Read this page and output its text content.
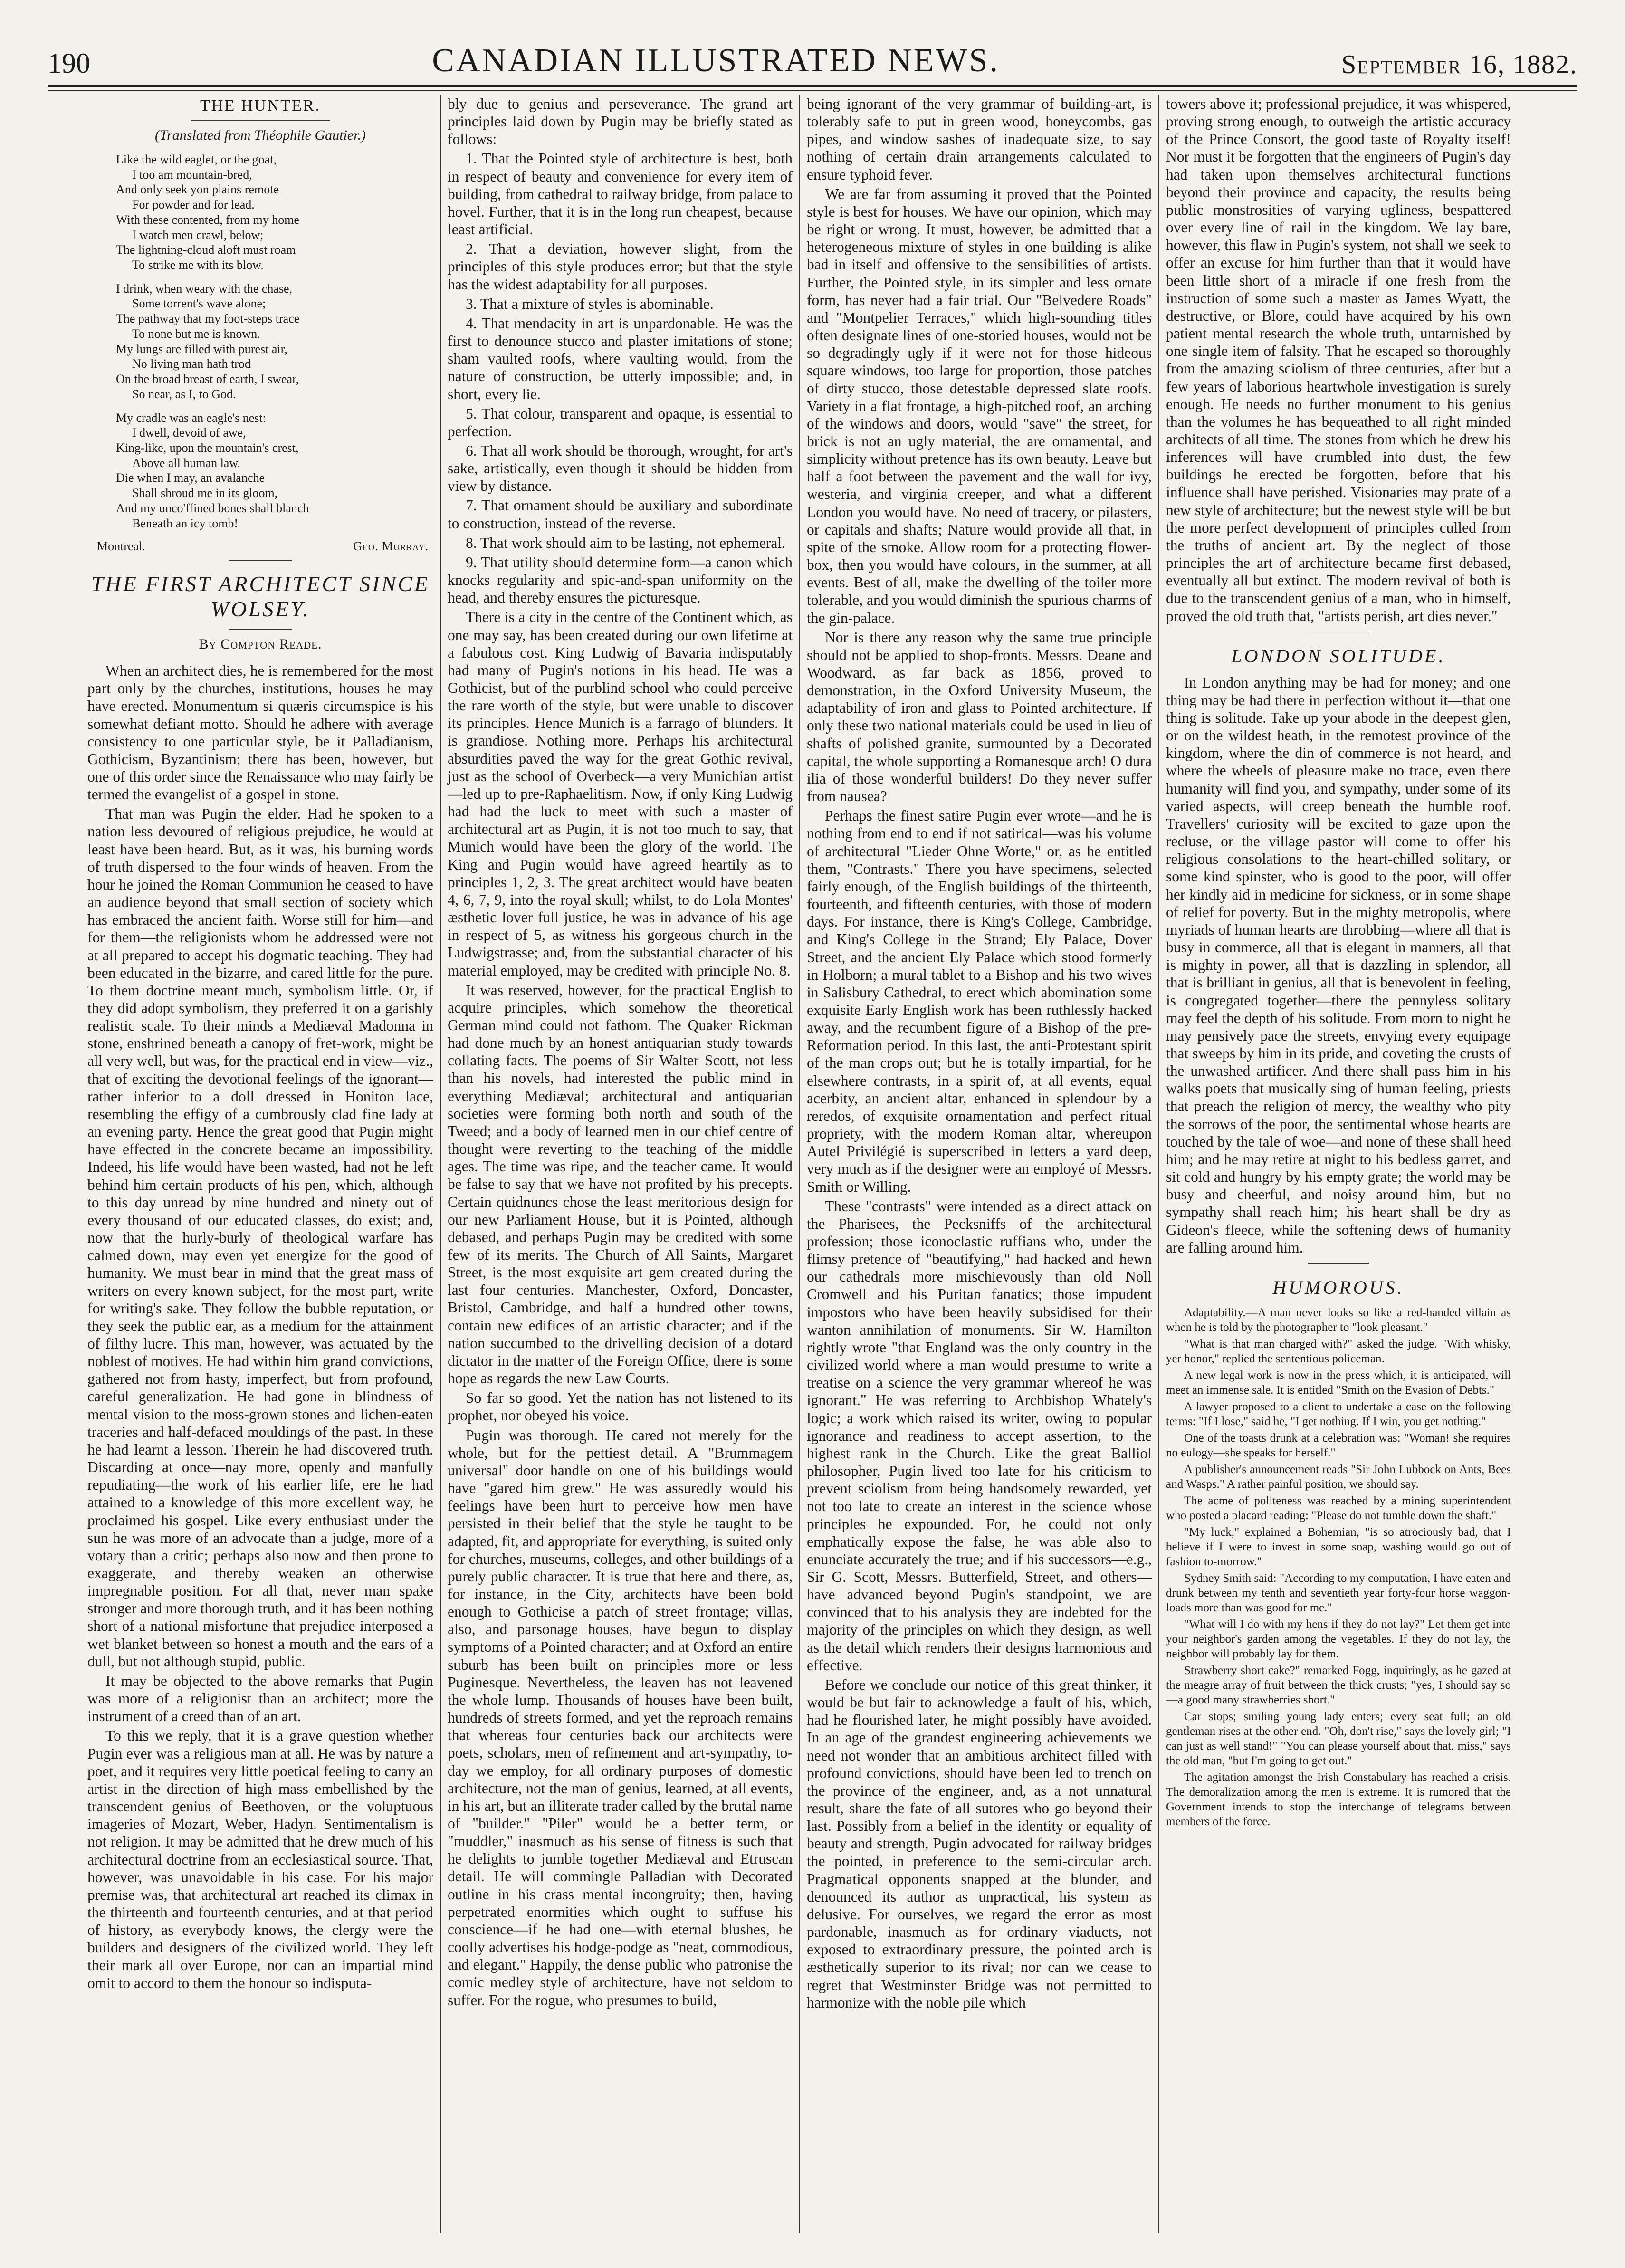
190	CANADIAN ILLUSTRATED NEWS.	September 16, 1882.
THE HUNTER.
(Translated from Théophile Gautier.)
Like the wild eaglet, or the goat,
I too am mountain-bred,
And only seek yon plains remote
For powder and for lead.
With these contented, from my home
I watch men crawl, below;
The lightning-cloud aloft must roam
To strike me with its blow.
I drink, when weary with the chase,
Some torrent's wave alone;
The pathway that my foot-steps trace
To none but me is known.
My lungs are filled with purest air,
No living man hath trod
On the broad breast of earth, I swear,
So near, as I, to God.
My cradle was an eagle's nest:
I dwell, devoid of awe,
King-like, upon the mountain's crest,
Above all human law.
Die when I may, an avalanche
Shall shroud me in its gloom,
And my unco'ffined bones shall blanch
Beneath an icy tomb!
Montreal.	Geo. Murray.
THE FIRST ARCHITECT SINCE WOLSEY.
By Compton Reade.

When an architect dies, he is remembered for the most part only by the churches, institutions, houses he may have erected. Monumentum si quæris circumspice is his somewhat defiant motto. Should he adhere with average consistency to one particular style, be it Palladianism, Gothicism, Byzantinism; there has been, however, but one of this order since the Renaissance who may fairly be termed the evangelist of a gospel in stone.

That man was Pugin the elder. Had he spoken to a nation less devoured of religious prejudice, he would at least have been heard. But, as it was, his burning words of truth dispersed to the four winds of heaven. From the hour he joined the Roman Communion he ceased to have an audience beyond that small section of society which has embraced the ancient faith. Worse still for him—and for them—the religionists whom he addressed were not at all prepared to accept his dogmatic teaching. They had been educated in the bizarre, and cared little for the pure. To them doctrine meant much, symbolism little. Or, if they did adopt symbolism, they preferred it on a garishly realistic scale. To their minds a Mediæval Madonna in stone, enshrined beneath a canopy of fret-work, might be all very well, but was, for the practical end in view—viz., that of exciting the devotional feelings of the ignorant—rather inferior to a doll dressed in Honiton lace, resembling the effigy of a cumbrously clad fine lady at an evening party. Hence the great good that Pugin might have effected in the concrete became an impossibility. Indeed, his life would have been wasted, had not he left behind him certain products of his pen, which, although to this day unread by nine hundred and ninety out of every thousand of our educated classes, do exist; and, now that the hurly-burly of theological warfare has calmed down, may even yet energize for the good of humanity. We must bear in mind that the great mass of writers on every known subject, for the most part, write for writing's sake. They follow the bubble reputation, or they seek the public ear, as a medium for the attainment of filthy lucre. This man, however, was actuated by the noblest of motives. He had within him grand convictions, gathered not from hasty, imperfect, but from profound, careful generalization. He had gone in blindness of mental vision to the moss-grown stones and lichen-eaten traceries and half-defaced mouldings of the past. In these he had learnt a lesson. Therein he had discovered truth. Discarding at once—nay more, openly and manfully repudiating—the work of his earlier life, ere he had attained to a knowledge of this more excellent way, he proclaimed his gospel. Like every enthusiast under the sun he was more of an advocate than a judge, more of a votary than a critic; perhaps also now and then prone to exaggerate, and thereby weaken an otherwise impregnable position. For all that, never man spake stronger and more thorough truth, and it has been nothing short of a national misfortune that prejudice interposed a wet blanket between so honest a mouth and the ears of a dull, but not although stupid, public.

It may be objected to the above remarks that Pugin was more of a religionist than an architect; more the instrument of a creed than of an art.

To this we reply, that it is a grave question whether Pugin ever was a religious man at all. He was by nature a poet, and it requires very little poetical feeling to carry an artist in the direction of high mass embellished by the transcendent genius of Beethoven, or the voluptuous imageries of Mozart, Weber, Hadyn. Sentimentalism is not religion. It may be admitted that he drew much of his architectural doctrine from an ecclesiastical source. That, however, was unavoidable in his case. For his major premise was, that architectural art reached its climax in the thirteenth and fourteenth centuries, and at that period of history, as everybody knows, the clergy were the builders and designers of the civilized world. They left their mark all over Europe, nor can an impartial mind omit to accord to them the honour so indisputa-

bly due to genius and perseverance. The grand art principles laid down by Pugin may be briefly stated as follows:

1. That the Pointed style of architecture is best, both in respect of beauty and convenience for every item of building, from cathedral to railway bridge, from palace to hovel. Further, that it is in the long run cheapest, because least artificial.

2. That a deviation, however slight, from the principles of this style produces error; but that the style has the widest adaptability for all purposes.

3. That a mixture of styles is abominable.

4. That mendacity in art is unpardonable. He was the first to denounce stucco and plaster imitations of stone; sham vaulted roofs, where vaulting would, from the nature of construction, be utterly impossible; and, in short, every lie.

5. That colour, transparent and opaque, is essential to perfection.

6. That all work should be thorough, wrought, for art's sake, artistically, even though it should be hidden from view by distance.

7. That ornament should be auxiliary and subordinate to construction, instead of the reverse.

8. That work should aim to be lasting, not ephemeral.

9. That utility should determine form—a canon which knocks regularity and spic-and-span uniformity on the head, and thereby ensures the picturesque.

There is a city in the centre of the Continent which, as one may say, has been created during our own lifetime at a fabulous cost. King Ludwig of Bavaria indisputably had many of Pugin's notions in his head. He was a Gothicist, but of the purblind school who could perceive the rare worth of the style, but were unable to discover its principles. Hence Munich is a farrago of blunders. It is grandiose. Nothing more. Perhaps his architectural absurdities paved the way for the great Gothic revival, just as the school of Overbeck—a very Munichian artist—led up to pre-Raphaelitism. Now, if only King Ludwig had had the luck to meet with such a master of architectural art as Pugin, it is not too much to say, that Munich would have been the glory of the world. The King and Pugin would have agreed heartily as to principles 1, 2, 3. The great architect would have beaten 4, 6, 7, 9, into the royal skull; whilst, to do Lola Montes' æsthetic lover full justice, he was in advance of his age in respect of 5, as witness his gorgeous church in the Ludwigstrasse; and, from the substantial character of his material employed, may be credited with principle No. 8.

It was reserved, however, for the practical English to acquire principles, which somehow the theoretical German mind could not fathom. The Quaker Rickman had done much by an honest antiquarian study towards collating facts. The poems of Sir Walter Scott, not less than his novels, had interested the public mind in everything Mediæval; architectural and antiquarian societies were forming both north and south of the Tweed; and a body of learned men in our chief centre of thought were reverting to the teaching of the middle ages. The time was ripe, and the teacher came. It would be false to say that we have not profited by his precepts. Certain quidnuncs chose the least meritorious design for our new Parliament House, but it is Pointed, although debased, and perhaps Pugin may be credited with some few of its merits. The Church of All Saints, Margaret Street, is the most exquisite art gem created during the last four centuries. Manchester, Oxford, Doncaster, Bristol, Cambridge, and half a hundred other towns, contain new edifices of an artistic character; and if the nation succumbed to the drivelling decision of a dotard dictator in the matter of the Foreign Office, there is some hope as regards the new Law Courts.

So far so good. Yet the nation has not listened to its prophet, nor obeyed his voice.

Pugin was thorough. He cared not merely for the whole, but for the pettiest detail. A "Brummagem universal" door handle on one of his buildings would have "gared him grew." He was assuredly would his feelings have been hurt to perceive how men have persisted in their belief that the style he taught to be adapted, fit, and appropriate for everything, is suited only for churches, museums, colleges, and other buildings of a purely public character. It is true that here and there, as, for instance, in the City, architects have been bold enough to Gothicise a patch of street frontage; villas, also, and parsonage houses, have begun to display symptoms of a Pointed character; and at Oxford an entire suburb has been built on principles more or less Puginesque. Nevertheless, the leaven has not leavened the whole lump. Thousands of houses have been built, hundreds of streets formed, and yet the reproach remains that whereas four centuries back our architects were poets, scholars, men of refinement and art-sympathy, to-day we employ, for all ordinary purposes of domestic architecture, not the man of genius, learned, at all events, in his art, but an illiterate trader called by the brutal name of "builder." "Piler" would be a better term, or "muddler," inasmuch as his sense of fitness is such that he delights to jumble together Mediæval and Etruscan detail. He will commingle Palladian with Decorated outline in his crass mental incongruity; then, having perpetrated enormities which ought to suffuse his conscience—if he had one—with eternal blushes, he coolly advertises his hodge-podge as "neat, commodious, and elegant." Happily, the dense public who patronise the comic medley style of architecture, have not seldom to suffer. For the rogue, who presumes to build,

being ignorant of the very grammar of building-art, is tolerably safe to put in green wood, honeycombs, gas pipes, and window sashes of inadequate size, to say nothing of certain drain arrangements calculated to ensure typhoid fever.

We are far from assuming it proved that the Pointed style is best for houses. We have our opinion, which may be right or wrong. It must, however, be admitted that a heterogeneous mixture of styles in one building is alike bad in itself and offensive to the sensibilities of artists. Further, the Pointed style, in its simpler and less ornate form, has never had a fair trial. Our "Belvedere Roads" and "Montpelier Terraces," which high-sounding titles often designate lines of one-storied houses, would not be so degradingly ugly if it were not for those hideous square windows, too large for proportion, those patches of dirty stucco, those detestable depressed slate roofs. Variety in a flat frontage, a high-pitched roof, an arching of the windows and doors, would "save" the street, for brick is not an ugly material, the are ornamental, and simplicity without pretence has its own beauty. Leave but half a foot between the pavement and the wall for ivy, westeria, and virginia creeper, and what a different London you would have. No need of tracery, or pilasters, or capitals and shafts; Nature would provide all that, in spite of the smoke. Allow room for a protecting flower-box, then you would have colours, in the summer, at all events. Best of all, make the dwelling of the toiler more tolerable, and you would diminish the spurious charms of the gin-palace.

Nor is there any reason why the same true principle should not be applied to shop-fronts. Messrs. Deane and Woodward, as far back as 1856, proved to demonstration, in the Oxford University Museum, the adaptability of iron and glass to Pointed architecture. If only these two national materials could be used in lieu of shafts of polished granite, surmounted by a Decorated capital, the whole supporting a Romanesque arch! O dura ilia of those wonderful builders! Do they never suffer from nausea?

Perhaps the finest satire Pugin ever wrote—and he is nothing from end to end if not satirical—was his volume of architectural "Lieder Ohne Worte," or, as he entitled them, "Contrasts." There you have specimens, selected fairly enough, of the English buildings of the thirteenth, fourteenth, and fifteenth centuries, with those of modern days. For instance, there is King's College, Cambridge, and King's College in the Strand; Ely Palace, Dover Street, and the ancient Ely Palace which stood formerly in Holborn; a mural tablet to a Bishop and his two wives in Salisbury Cathedral, to erect which abomination some exquisite Early English work has been ruthlessly hacked away, and the recumbent figure of a Bishop of the pre-Reformation period. In this last, the anti-Protestant spirit of the man crops out; but he is totally impartial, for he elsewhere contrasts, in a spirit of, at all events, equal acerbity, an ancient altar, enhanced in splendour by a reredos, of exquisite ornamentation and perfect ritual propriety, with the modern Roman altar, whereupon Autel Privilégié is superscribed in letters a yard deep, very much as if the designer were an employé of Messrs. Smith or Willing.

These "contrasts" were intended as a direct attack on the Pharisees, the Pecksniffs of the architectural profession; those iconoclastic ruffians who, under the flimsy pretence of "beautifying," had hacked and hewn our cathedrals more mischievously than old Noll Cromwell and his Puritan fanatics; those impudent impostors who have been heavily subsidised for their wanton annihilation of monuments. Sir W. Hamilton rightly wrote "that England was the only country in the civilized world where a man would presume to write a treatise on a science the very grammar whereof he was ignorant." He was referring to Archbishop Whately's logic; a work which raised its writer, owing to popular ignorance and readiness to accept assertion, to the highest rank in the Church. Like the great Balliol philosopher, Pugin lived too late for his criticism to prevent sciolism from being handsomely rewarded, yet not too late to create an interest in the science whose principles he expounded. For, he could not only emphatically expose the false, he was able also to enunciate accurately the true; and if his successors—e.g., Sir G. Scott, Messrs. Butterfield, Street, and others—have advanced beyond Pugin's standpoint, we are convinced that to his analysis they are indebted for the majority of the principles on which they design, as well as the detail which renders their designs harmonious and effective.

Before we conclude our notice of this great thinker, it would be but fair to acknowledge a fault of his, which, had he flourished later, he might possibly have avoided. In an age of the grandest engineering achievements we need not wonder that an ambitious architect filled with profound convictions, should have been led to trench on the province of the engineer, and, as a not unnatural result, share the fate of all sutores who go beyond their last. Possibly from a belief in the identity or equality of beauty and strength, Pugin advocated for railway bridges the pointed, in preference to the semi-circular arch. Pragmatical opponents snapped at the blunder, and denounced its author as unpractical, his system as delusive. For ourselves, we regard the error as most pardonable, inasmuch as for ordinary viaducts, not exposed to extraordinary pressure, the pointed arch is æsthetically superior to its rival; nor can we cease to regret that Westminster Bridge was not permitted to harmonize with the noble pile which

towers above it; professional prejudice, it was whispered, proving strong enough, to outweigh the artistic accuracy of the Prince Consort, the good taste of Royalty itself! Nor must it be forgotten that the engineers of Pugin's day had taken upon themselves architectural functions beyond their province and capacity, the results being public monstrosities of varying ugliness, bespattered over every line of rail in the kingdom. We lay bare, however, this flaw in Pugin's system, not shall we seek to offer an excuse for him further than that it would have been little short of a miracle if one fresh from the instruction of some such a master as James Wyatt, the destructive, or Blore, could have acquired by his own patient mental research the whole truth, untarnished by one single item of falsity. That he escaped so thoroughly from the amazing sciolism of three centuries, after but a few years of laborious heartwhole investigation is surely enough. He needs no further monument to his genius than the volumes he has bequeathed to all right minded architects of all time. The stones from which he drew his inferences will have crumbled into dust, the few buildings he erected be forgotten, before that his influence shall have perished. Visionaries may prate of a new style of architecture; but the newest style will be but the more perfect development of principles culled from the truths of ancient art. By the neglect of those principles the art of architecture became first debased, eventually all but extinct. The modern revival of both is due to the transcendent genius of a man, who in himself, proved the old truth that, "artists perish, art dies never."

LONDON SOLITUDE.

In London anything may be had for money; and one thing may be had there in perfection without it—that one thing is solitude. Take up your abode in the deepest glen, or on the wildest heath, in the remotest province of the kingdom, where the din of commerce is not heard, and where the wheels of pleasure make no trace, even there humanity will find you, and sympathy, under some of its varied aspects, will creep beneath the humble roof. Travellers' curiosity will be excited to gaze upon the recluse, or the village pastor will come to offer his religious consolations to the heart-chilled solitary, or some kind spinster, who is good to the poor, will offer her kindly aid in medicine for sickness, or in some shape of relief for poverty. But in the mighty metropolis, where myriads of human hearts are throbbing—where all that is busy in commerce, all that is elegant in manners, all that is mighty in power, all that is dazzling in splendor, all that is brilliant in genius, all that is benevolent in feeling, is congregated together—there the pennyless solitary may feel the depth of his solitude. From morn to night he may pensively pace the streets, envying every equipage that sweeps by him in its pride, and coveting the crusts of the unwashed artificer. And there shall pass him in his walks poets that musically sing of human feeling, priests that preach the religion of mercy, the wealthy who pity the sorrows of the poor, the sentimental whose hearts are touched by the tale of woe—and none of these shall heed him; and he may retire at night to his bedless garret, and sit cold and hungry by his empty grate; the world may be busy and cheerful, and noisy around him, but no sympathy shall reach him; his heart shall be dry as Gideon's fleece, while the softening dews of humanity are falling around him.

HUMOROUS.

Adaptability.—A man never looks so like a red-handed villain as when he is told by the photographer to "look pleasant."

"What is that man charged with?" asked the judge. "With whisky, yer honor," replied the sententious policeman.

A new legal work is now in the press which, it is anticipated, will meet an immense sale. It is entitled "Smith on the Evasion of Debts."

A lawyer proposed to a client to undertake a case on the following terms: "If I lose," said he, "I get nothing. If I win, you get nothing."

One of the toasts drunk at a celebration was: "Woman! she requires no eulogy—she speaks for herself."

A publisher's announcement reads "Sir John Lubbock on Ants, Bees and Wasps." A rather painful position, we should say.

The acme of politeness was reached by a mining superintendent who posted a placard reading: "Please do not tumble down the shaft."

"My luck," explained a Bohemian, "is so atrociously bad, that I believe if I were to invest in some soap, washing would go out of fashion to-morrow."

Sydney Smith said: "According to my computation, I have eaten and drunk between my tenth and seventieth year forty-four horse waggon-loads more than was good for me."

"What will I do with my hens if they do not lay?" Let them get into your neighbor's garden among the vegetables. If they do not lay, the neighbor will probably lay for them.

Strawberry short cake?" remarked Fogg, inquiringly, as he gazed at the meagre array of fruit between the thick crusts; "yes, I should say so—a good many strawberries short."

Car stops; smiling young lady enters; every seat full; an old gentleman rises at the other end. "Oh, don't rise," says the lovely girl; "I can just as well stand!" "You can please yourself about that, miss," says the old man, "but I'm going to get out."

The agitation amongst the Irish Constabulary has reached a crisis. The demoralization among the men is extreme. It is rumored that the Government intends to stop the interchange of telegrams between members of the force.
